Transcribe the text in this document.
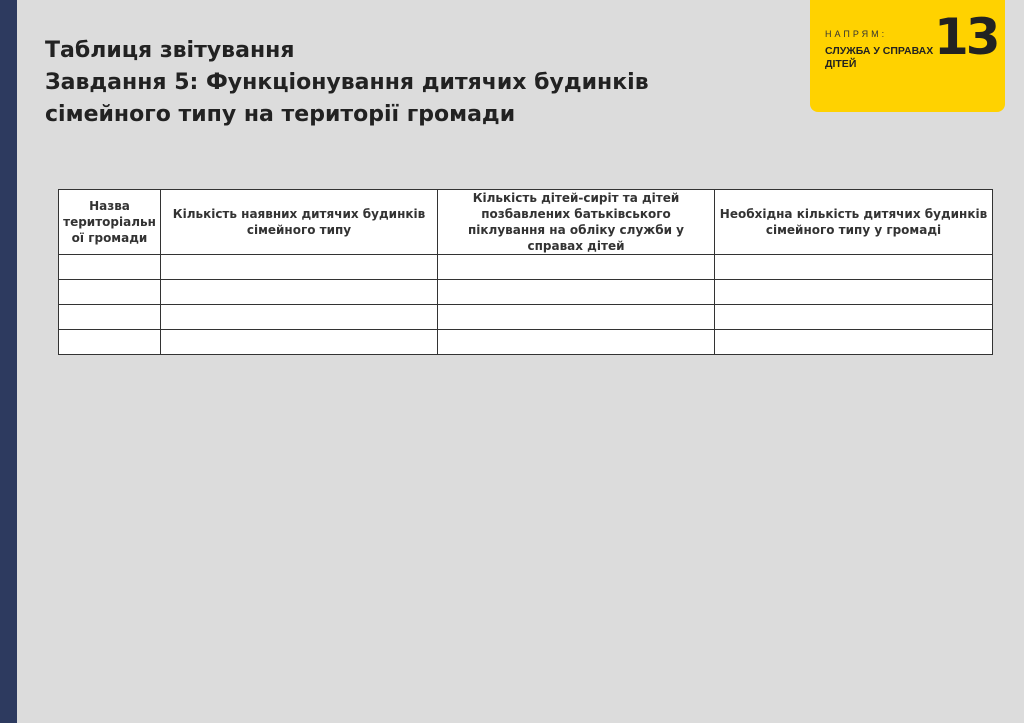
Таблиця звітування
Завдання 5: Функціонування дитячих будинків
сімейного типу на території громади
НАПРЯМ:
СЛУЖБА У СПРАВАХ ДІТЕЙ	13
Назва територіальн ої громади	Кількість наявних дитячих будинків сімейного типу	Кількість дітей-сиріт та дітей позбавлених батьківського піклування на обліку служби у справах дітей	Необхідна кількість дитячих будинків сімейного типу у громаді
